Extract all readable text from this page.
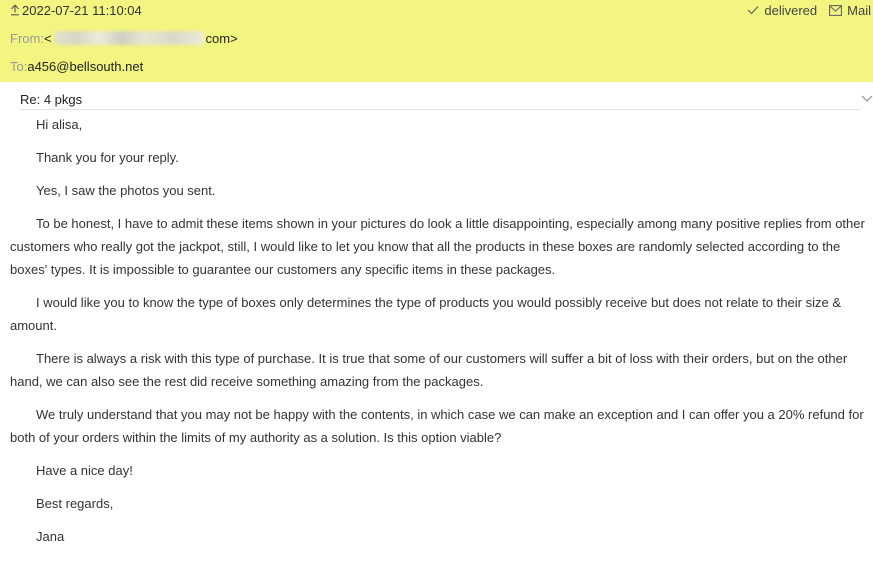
2022-07-21 11:10:04	delivered Mail
From: <	com>
To: a456@bellsouth.net
Re: 4 pkgs

Hi alisa,

Thank you for your reply.

Yes, I saw the photos you sent.

To be honest, I have to admit these items shown in your pictures do look a little disappointing, especially among many positive replies from other customers who really got the jackpot, still, I would like to let you know that all the products in these boxes are randomly selected according to the boxes' types. It is impossible to guarantee our customers any specific items in these packages.

I would like you to know the type of boxes only determines the type of products you would possibly receive but does not relate to their size & amount.

There is always a risk with this type of purchase. It is true that some of our customers will suffer a bit of loss with their orders, but on the other hand, we can also see the rest did receive something amazing from the packages.

We truly understand that you may not be happy with the contents, in which case we can make an exception and I can offer you a 20% refund for both of your orders within the limits of my authority as a solution. Is this option viable?

Have a nice day!

Best regards,

Jana
